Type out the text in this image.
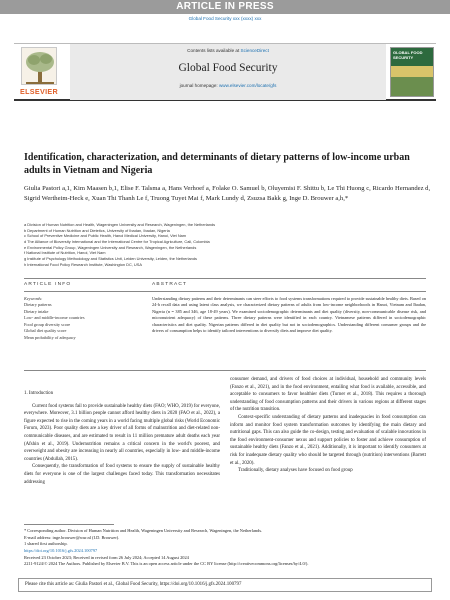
ARTICLE IN PRESS
Global Food Security xxx (xxxx) xxx
ELSEVIER
Contents lists available at ScienceDirect
Global Food Security
journal homepage: www.elsevier.com/locate/gfs
GLOBAL FOOD SECURITY
Identification, characterization, and determinants of dietary patterns of low-income urban adults in Vietnam and Nigeria
Giulia Pastori a,1, Kim Maasen b,1, Elise F. Talsma a, Hans Verhoef a, Folake O. Samuel b, Oluyemisi F. Shittu b, Le Thi Huong c, Ricardo Hernandez d, Sigrid Wertheim-Heck e, Xuan Thi Thanh Le f, Truong Tuyet Mai f, Mark Lundy d, Zsuzsa Bakk g, Inge D. Brouwer a,h,*
a Division of Human Nutrition and Health, Wageningen University and Research, Wageningen, the Netherlands
b Department of Human Nutrition and Dietetics, University of Ibadan, Ibadan, Nigeria
c School of Preventive Medicine and Public Health, Hanoi Medical University, Hanoi, Viet Nam
d The Alliance of Bioversity International and the International Centre for Tropical Agriculture, Cali, Colombia
e Environmental Policy Group, Wageningen University and Research, Wageningen, the Netherlands
f National Institute of Nutrition, Hanoi, Viet Nam
g Institute of Psychology Methodology and Statistics Unit, Leiden University, Leiden, the Netherlands
h International Food Policy Research Institute, Washington DC, USA
ARTICLE INFO	ABSTRACT
Keywords:
Dietary patterns
Dietary intake
Low- and middle-income countries
Food group diversity score
Global diet quality score
Mean probability of adequacy
Understanding dietary patterns and their determinants can steer efforts to food systems transformations required to provide sustainable healthy diets. Based on 24-h recall data and using latent class analysis, we characterized dietary patterns of adults from low-income neighborhoods in Hanoi, Vietnam and Ibadan, Nigeria (n = 385 and 346, age 18-49 years). We examined sociodemographic determinants and diet quality (diversity, non-communicable disease risk, and micronutrient adequacy) of these patterns. Three dietary patterns were identified in each country. Vietnamese patterns differed in sociodemographic characteristics and diet quality. Nigerian patterns differed in diet quality but not in sociodemographics. Understanding different consumer groups and the drivers of consumption helps to identify tailored interventions to diversify diets and improve diet quality.
1. Introduction

Current food systems fail to provide sustainable healthy diets (FAO; WHO, 2019) for everyone, everywhere. Moreover, 3.1 billion people cannot afford healthy diets in 2020 (FAO et al., 2022), a figure expected to rise in the coming years in a world facing multiple global risks (World Economic Forum, 2023). Poor quality diets are a key driver of all forms of malnutrition and diet-related non-communicable diseases, and are estimated to result in 11 million premature adult deaths each year (Afshin et al., 2019). Undernutrition remains a critical concern in the world's poorest, and overweight and obesity are increasing in nearly all countries, especially in low- and middle-income countries (Abdullah, 2015).

Consequently, the transformation of food systems to ensure the supply of sustainable healthy diets for everyone is one of the largest challenges faced today. This transformation necessitates addressing

consumer demand, and drivers of food choices at individual, household and community levels (Fanzo et al., 2021), and in the food environment, entailing what food is available, accessible, and acceptable to consumers to favor healthier diets (Turner et al., 2018). This requires a thorough understanding of food consumption patterns and their drivers in various regions at different stages of the nutrition transition.

Context-specific understanding of dietary patterns and inadequacies in food consumption can inform and monitor food system transformation outcomes by identifying the main dietary and nutritional gaps. This can also guide the co-design, testing and evaluation of scalable innovations in the food environment-consumer nexus and support policies to foster and achieve consumption of sustainable healthy diets (Fanzo et al., 2021). Additionally, it is important to identify consumers at risk for inadequate dietary quality who should be targeted through (nutrition) interventions (Barrett et al., 2020).

Traditionally, dietary analyses have focused on food group

* Corresponding author. Division of Human Nutrition and Health, Wageningen University and Research, Wageningen, the Netherlands.
E-mail address: inge.brouwer@wur.nl (I.D. Brouwer).
1 shared first authorship.
https://doi.org/10.1016/j.gfs.2024.100797
Received 23 October 2023; Received in revised form 26 July 2024; Accepted 14 August 2024
2211-9124/© 2024 The Authors. Published by Elsevier B.V. This is an open access article under the CC BY license (http://creativecommons.org/licenses/by/4.0/).
Please cite this article as: Giulia Pastori et al., Global Food Security, https://doi.org/10.1016/j.gfs.2024.100797
